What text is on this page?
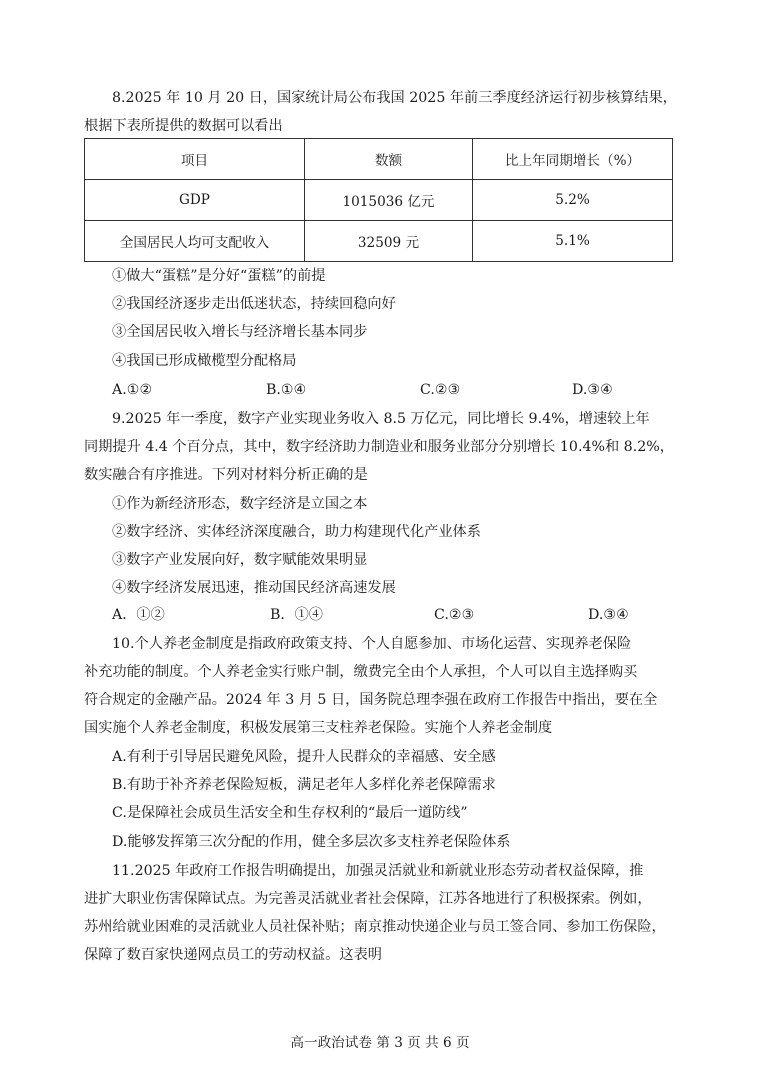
8.2025 年 10 月 20 日，国家统计局公布我国 2025 年前三季度经济运行初步核算结果，
根据下表所提供的数据可以看出
项目	数额	比上年同期增长（%）
GDP	1015036 亿元	5.2%
全国居民人均可支配收入	32509 元	5.1%
①做大“蛋糕”是分好“蛋糕”的前提
②我国经济逐步走出低迷状态，持续回稳向好
③全国居民收入增长与经济增长基本同步
④我国已形成橄榄型分配格局
A.①②	B.①④	C.②③	D.③④
9.2025 年一季度，数字产业实现业务收入 8.5 万亿元，同比增长 9.4%，增速较上年
同期提升 4.4 个百分点，其中，数字经济助力制造业和服务业部分分别增长 10.4%和 8.2%，
数实融合有序推进。下列对材料分析正确的是
①作为新经济形态，数字经济是立国之本
②数字经济、实体经济深度融合，助力构建现代化产业体系
③数字产业发展向好，数字赋能效果明显
④数字经济发展迅速，推动国民经济高速发展
A．①②	B．①④	C.②③	D.③④
10.个人养老金制度是指政府政策支持、个人自愿参加、市场化运营、实现养老保险
补充功能的制度。个人养老金实行账户制，缴费完全由个人承担，个人可以自主选择购买
符合规定的金融产品。2024 年 3 月 5 日，国务院总理李强在政府工作报告中指出，要在全
国实施个人养老金制度，积极发展第三支柱养老保险。实施个人养老金制度
A.有利于引导居民避免风险，提升人民群众的幸福感、安全感
B.有助于补齐养老保险短板，满足老年人多样化养老保障需求
C.是保障社会成员生活安全和生存权利的“最后一道防线”
D.能够发挥第三次分配的作用，健全多层次多支柱养老保险体系
11.2025 年政府工作报告明确提出，加强灵活就业和新就业形态劳动者权益保障，推
进扩大职业伤害保障试点。为完善灵活就业者社会保障，江苏各地进行了积极探索。例如，
苏州给就业困难的灵活就业人员社保补贴；南京推动快递企业与员工签合同、参加工伤保险，
保障了数百家快递网点员工的劳动权益。这表明
高一政治试卷 第 3 页 共 6 页
